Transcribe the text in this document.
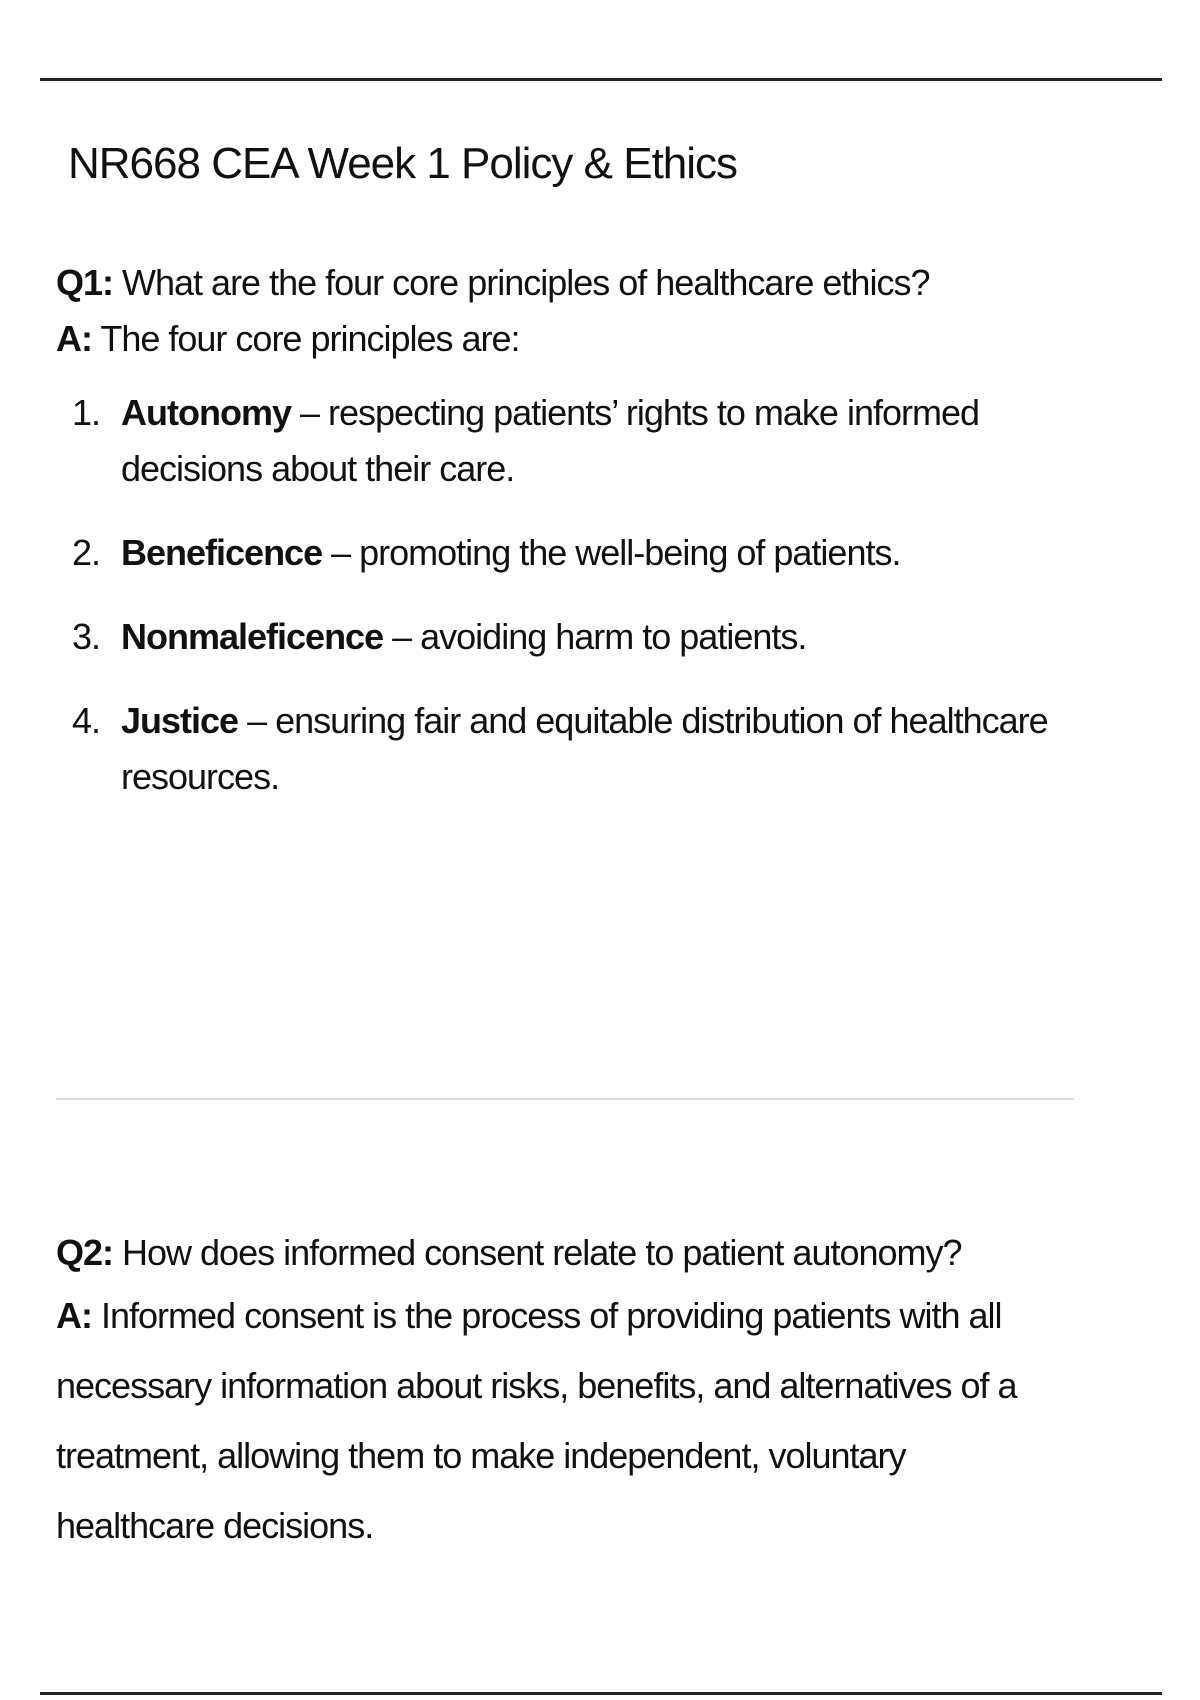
NR668 CEA Week 1 Policy & Ethics

Q1: What are the four core principles of healthcare ethics?

A: The four core principles are:

1. Autonomy – respecting patients’ rights to make informed decisions about their care.
2. Beneficence – promoting the well-being of patients.
3. Nonmaleficence – avoiding harm to patients.
4. Justice – ensuring fair and equitable distribution of healthcare resources.

Q2: How does informed consent relate to patient autonomy?

A: Informed consent is the process of providing patients with all necessary information about risks, benefits, and alternatives of a treatment, allowing them to make independent, voluntary healthcare decisions.
